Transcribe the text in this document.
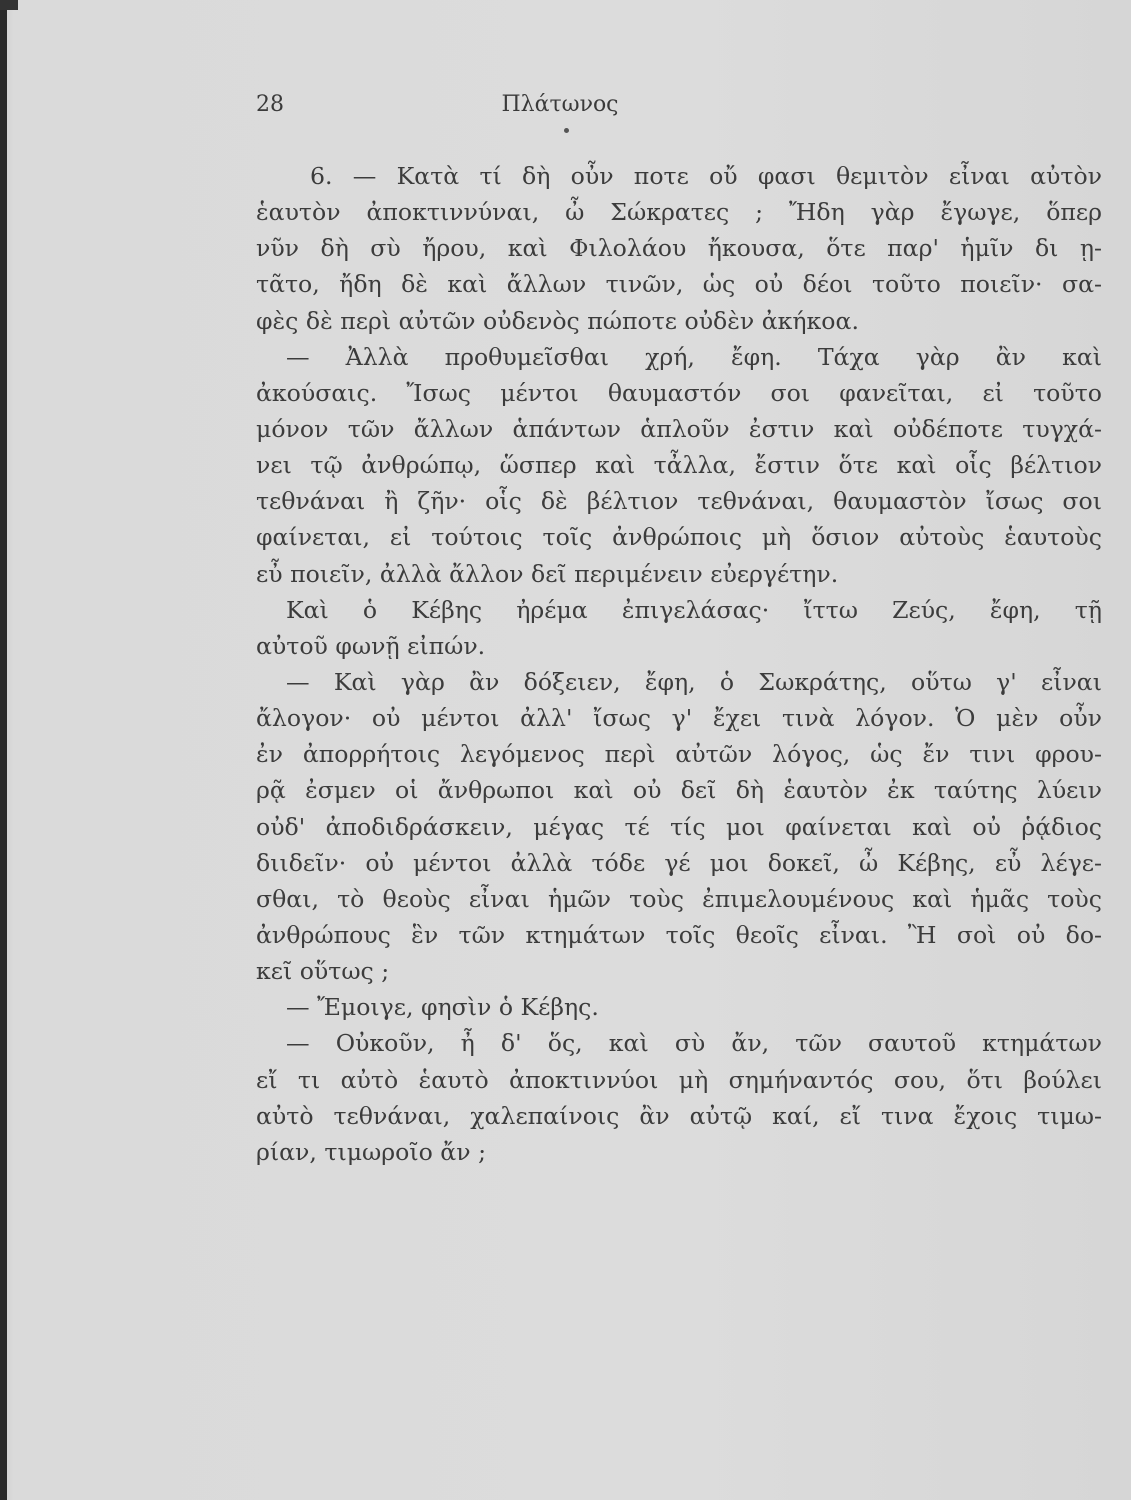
28	Πλάτωνος
6. — Κατὰ τί δὴ οὖν ποτε οὔ φασι θεμιτὸν εἶναι αὐτὸν
ἑαυτὸν ἀποκτιννύναι, ὦ Σώκρατες ; Ἤδη γὰρ ἔγωγε, ὅπερ
νῦν δὴ σὺ ἤρου, καὶ Φιλολάου ἤκουσα, ὅτε παρ' ἡμῖν δι ῃ-
τᾶτο, ἤδη δὲ καὶ ἄλλων τινῶν, ὡς οὐ δέοι τοῦτο ποιεῖν· σα-
φὲς δὲ περὶ αὐτῶν οὐδενὸς πώποτε οὐδὲν ἀκήκοα.
— Ἀλλὰ προθυμεῖσθαι χρή, ἔφη. Τάχα γὰρ ἂν καὶ
ἀκούσαις. Ἴσως μέντοι θαυμαστόν σοι φανεῖται, εἰ τοῦτο
μόνον τῶν ἄλλων ἁπάντων ἁπλοῦν ἐστιν καὶ οὐδέποτε τυγχά-
νει τῷ ἀνθρώπῳ, ὥσπερ καὶ τἆλλα, ἔστιν ὅτε καὶ οἷς βέλτιον
τεθνάναι ἢ ζῆν· οἷς δὲ βέλτιον τεθνάναι, θαυμαστὸν ἴσως σοι
φαίνεται, εἰ τούτοις τοῖς ἀνθρώποις μὴ ὅσιον αὐτοὺς ἑαυτοὺς
εὖ ποιεῖν, ἀλλὰ ἄλλον δεῖ περιμένειν εὐεργέτην.
Καὶ ὁ Κέβης ἠρέμα ἐπιγελάσας· ἴττω Ζεύς, ἔφη, τῇ
αὐτοῦ φωνῇ εἰπών.
— Καὶ γὰρ ἂν δόξειεν, ἔφη, ὁ Σωκράτης, οὕτω γ' εἶναι
ἄλογον· οὐ μέντοι ἀλλ' ἴσως γ' ἔχει τινὰ λόγον. Ὁ μὲν οὖν
ἐν ἀπορρήτοις λεγόμενος περὶ αὐτῶν λόγος, ὡς ἔν τινι φρου-
ρᾷ ἐσμεν οἱ ἄνθρωποι καὶ οὐ δεῖ δὴ ἑαυτὸν ἐκ ταύτης λύειν
οὐδ' ἀποδιδράσκειν, μέγας τέ τίς μοι φαίνεται καὶ οὐ ῥᾴδιος
διιδεῖν· οὐ μέντοι ἀλλὰ τόδε γέ μοι δοκεῖ, ὦ Κέβης, εὖ λέγε-
σθαι, τὸ θεοὺς εἶναι ἡμῶν τοὺς ἐπιμελουμένους καὶ ἡμᾶς τοὺς
ἀνθρώπους ἓν τῶν κτημάτων τοῖς θεοῖς εἶναι. Ἢ σοὶ οὐ δο-
κεῖ οὕτως ;
— Ἔμοιγε, φησὶν ὁ Κέβης.
— Οὐκοῦν, ἦ δ' ὅς, καὶ σὺ ἄν, τῶν σαυτοῦ κτημάτων
εἴ τι αὐτὸ ἑαυτὸ ἀποκτιννύοι μὴ σημήναντός σου, ὅτι βούλει
αὐτὸ τεθνάναι, χαλεπαίνοις ἂν αὐτῷ καί, εἴ τινα ἔχοις τιμω-
ρίαν, τιμωροῖο ἄν ;
